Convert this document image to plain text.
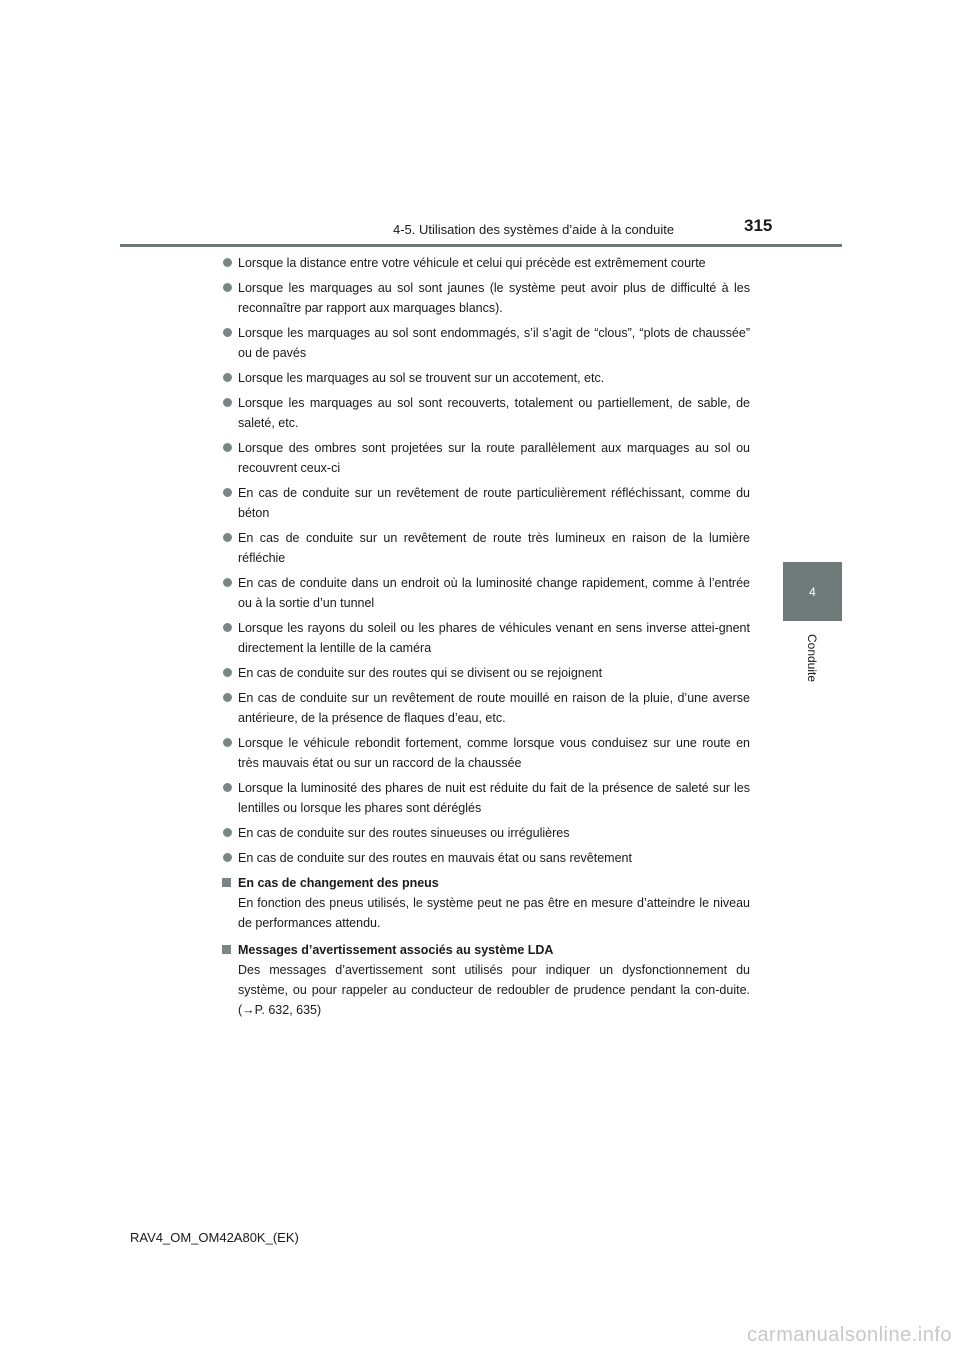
4-5. Utilisation des systèmes d’aide à la conduite	315
4
Conduite
Lorsque la distance entre votre véhicule et celui qui précède est extrêmement courte
Lorsque les marquages au sol sont jaunes (le système peut avoir plus de difficulté à les reconnaître par rapport aux marquages blancs).
Lorsque les marquages au sol sont endommagés, s’il s’agit de “clous”, “plots de chaussée” ou de pavés
Lorsque les marquages au sol se trouvent sur un accotement, etc.
Lorsque les marquages au sol sont recouverts, totalement ou partiellement, de sable, de saleté, etc.
Lorsque des ombres sont projetées sur la route parallèlement aux marquages au sol ou recouvrent ceux-ci
En cas de conduite sur un revêtement de route particulièrement réfléchissant, comme du béton
En cas de conduite sur un revêtement de route très lumineux en raison de la lumière réfléchie
En cas de conduite dans un endroit où la luminosité change rapidement, comme à l’entrée ou à la sortie d’un tunnel
Lorsque les rayons du soleil ou les phares de véhicules venant en sens inverse attei-gnent directement la lentille de la caméra
En cas de conduite sur des routes qui se divisent ou se rejoignent
En cas de conduite sur un revêtement de route mouillé en raison de la pluie, d’une averse antérieure, de la présence de flaques d’eau, etc.
Lorsque le véhicule rebondit fortement, comme lorsque vous conduisez sur une route en très mauvais état ou sur un raccord de la chaussée
Lorsque la luminosité des phares de nuit est réduite du fait de la présence de saleté sur les lentilles ou lorsque les phares sont déréglés
En cas de conduite sur des routes sinueuses ou irrégulières
En cas de conduite sur des routes en mauvais état ou sans revêtement
En cas de changement des pneus
En fonction des pneus utilisés, le système peut ne pas être en mesure d’atteindre le niveau de performances attendu.
Messages d’avertissement associés au système LDA
Des messages d’avertissement sont utilisés pour indiquer un dysfonctionnement du système, ou pour rappeler au conducteur de redoubler de prudence pendant la con-duite. (→P. 632, 635)
RAV4_OM_OM42A80K_(EK)
carmanualsonline.info
